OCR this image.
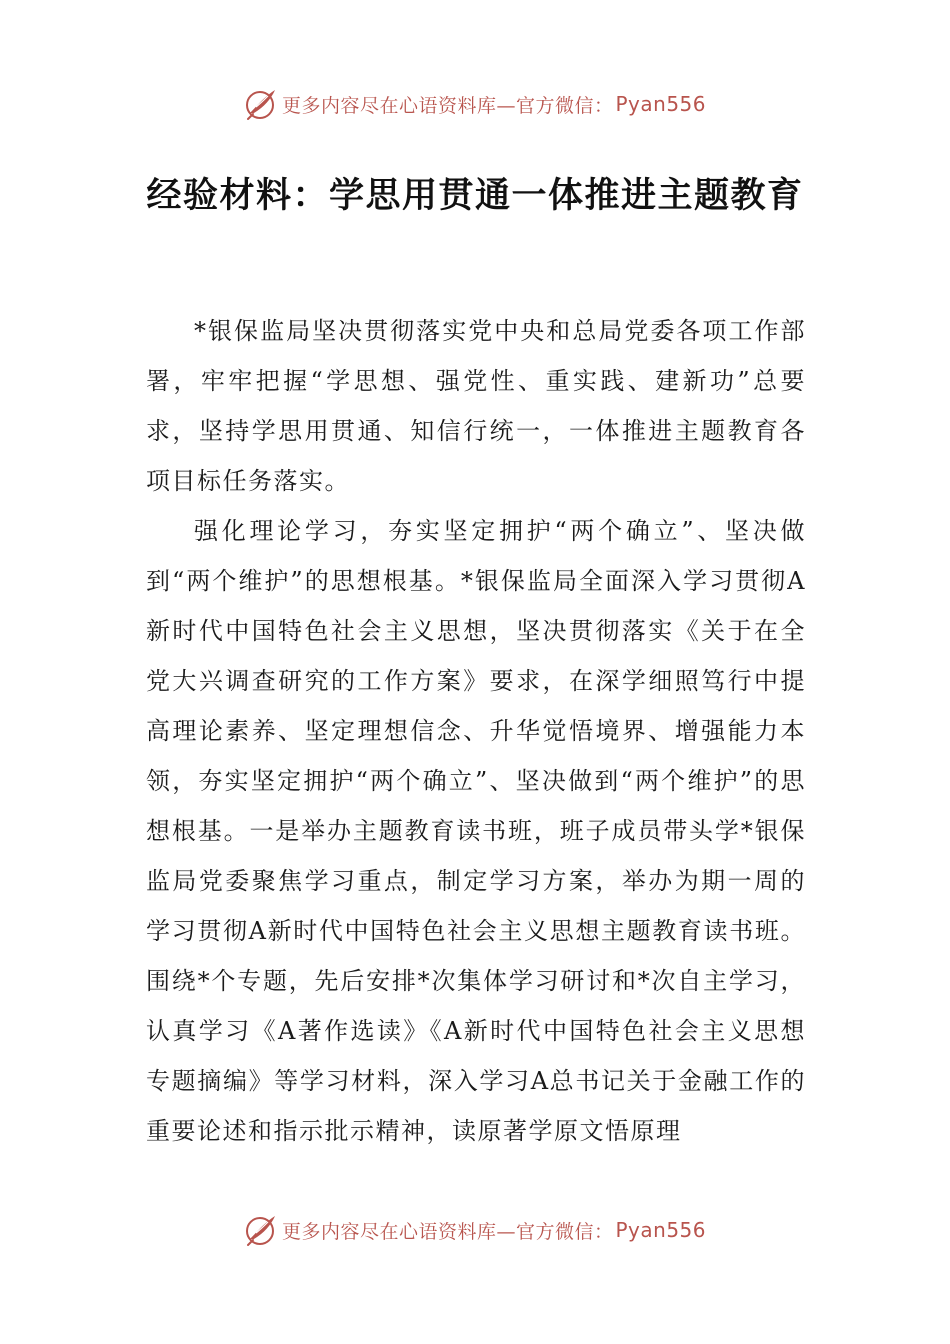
更多内容尽在心语资料库—官方微信： Pyan556
经验材料：学思用贯通一体推进主题教育

*银保监局坚决贯彻落实党中央和总局党委各项工作部署，牢牢把握“学思想、强党性、重实践、建新功”总要求，坚持学思用贯通、知信行统一，一体推进主题教育各项目标任务落实。

强化理论学习，夯实坚定拥护“两个确立”、坚决做到“两个维护”的思想根基。*银保监局全面深入学习贯彻A新时代中国特色社会主义思想，坚决贯彻落实《关于在全党大兴调查研究的工作方案》要求，在深学细照笃行中提高理论素养、坚定理想信念、升华觉悟境界、增强能力本领，夯实坚定拥护“两个确立”、坚决做到“两个维护”的思想根基。一是举办主题教育读书班，班子成员带头学*银保监局党委聚焦学习重点，制定学习方案，举办为期一周的学习贯彻A新时代中国特色社会主义思想主题教育读书班。围绕*个专题，先后安排*次集体学习研讨和*次自主学习，认真学习《A著作选读》《A新时代中国特色社会主义思想专题摘编》等学习材料，深入学习A总书记关于金融工作的重要论述和指示批示精神，读原著学原文悟原理

更多内容尽在心语资料库—官方微信： Pyan556
